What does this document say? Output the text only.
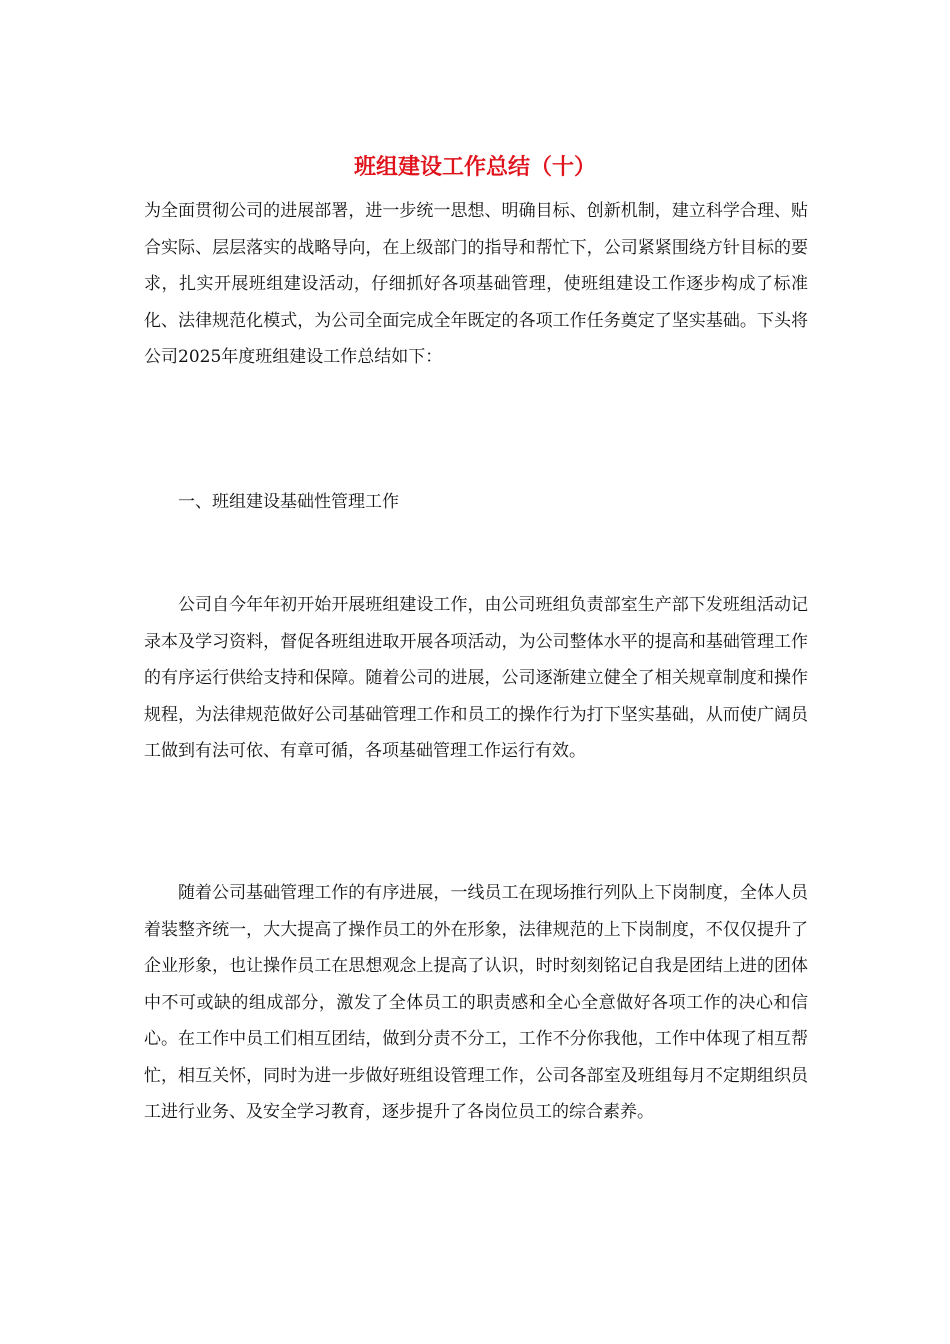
班组建设工作总结（十）

为全面贯彻公司的进展部署，进一步统一思想、明确目标、创新机制，建立科学合理、贴合实际、层层落实的战略导向，在上级部门的指导和帮忙下，公司紧紧围绕方针目标的要求，扎实开展班组建设活动，仔细抓好各项基础管理，使班组建设工作逐步构成了标准化、法律规范化模式，为公司全面完成全年既定的各项工作任务奠定了坚实基础。下头将公司2025年度班组建设工作总结如下：

一、班组建设基础性管理工作

公司自今年年初开始开展班组建设工作，由公司班组负责部室生产部下发班组活动记录本及学习资料，督促各班组进取开展各项活动，为公司整体水平的提高和基础管理工作的有序运行供给支持和保障。随着公司的进展，公司逐渐建立健全了相关规章制度和操作规程，为法律规范做好公司基础管理工作和员工的操作行为打下坚实基础，从而使广阔员工做到有法可依、有章可循，各项基础管理工作运行有效。

随着公司基础管理工作的有序进展，一线员工在现场推行列队上下岗制度，全体人员着装整齐统一，大大提高了操作员工的外在形象，法律规范的上下岗制度，不仅仅提升了企业形象，也让操作员工在思想观念上提高了认识，时时刻刻铭记自我是团结上进的团体中不可或缺的组成部分，激发了全体员工的职责感和全心全意做好各项工作的决心和信心。在工作中员工们相互团结，做到分责不分工，工作不分你我他，工作中体现了相互帮忙，相互关怀，同时为进一步做好班组设管理工作，公司各部室及班组每月不定期组织员工进行业务、及安全学习教育，逐步提升了各岗位员工的综合素养。
